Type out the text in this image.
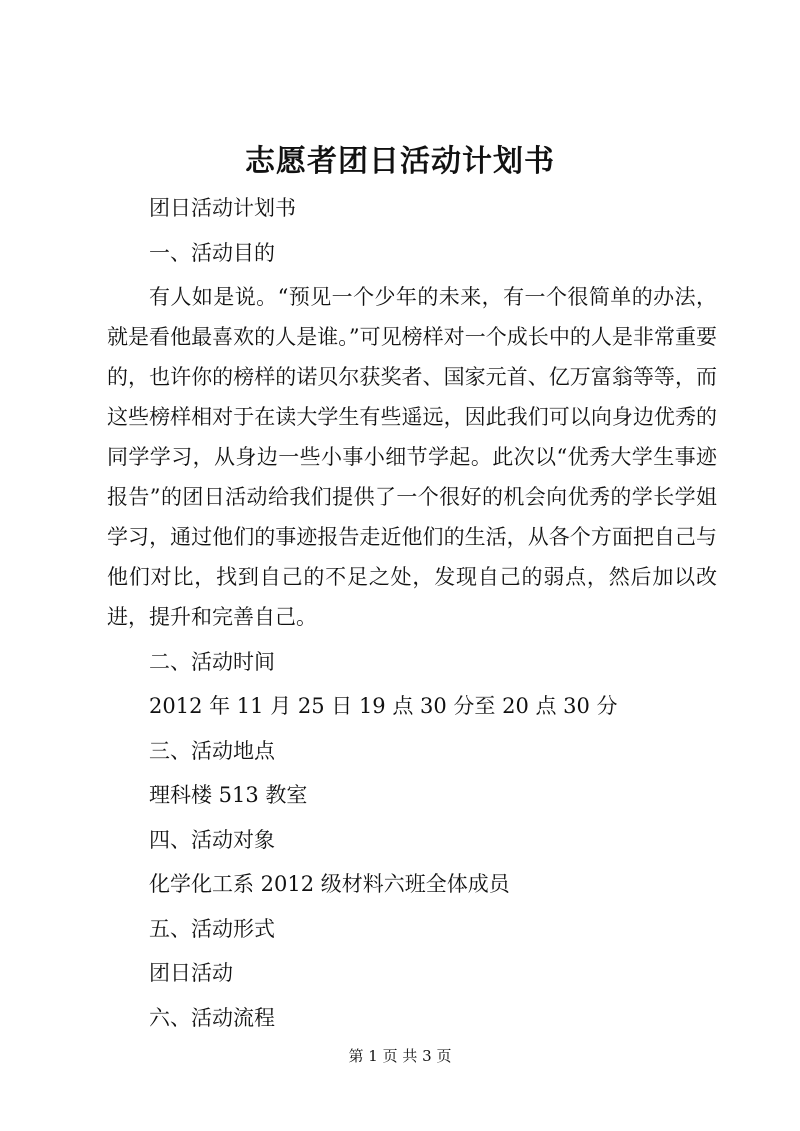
志愿者团日活动计划书

团日活动计划书

一、活动目的

有人如是说。“预见一个少年的未来，有一个很简单的办法，就是看他最喜欢的人是谁。”可见榜样对一个成长中的人是非常重要的，也许你的榜样的诺贝尔获奖者、国家元首、亿万富翁等等，而这些榜样相对于在读大学生有些遥远，因此我们可以向身边优秀的同学学习，从身边一些小事小细节学起。此次以“优秀大学生事迹报告”的团日活动给我们提供了一个很好的机会向优秀的学长学姐学习，通过他们的事迹报告走近他们的生活，从各个方面把自己与他们对比，找到自己的不足之处，发现自己的弱点，然后加以改进，提升和完善自己。

二、活动时间

2012 年 11 月 25 日 19 点 30 分至 20 点 30 分

三、活动地点

理科楼 513 教室

四、活动对象

化学化工系 2012 级材料六班全体成员

五、活动形式

团日活动

六、活动流程

第 1 页 共 3 页
